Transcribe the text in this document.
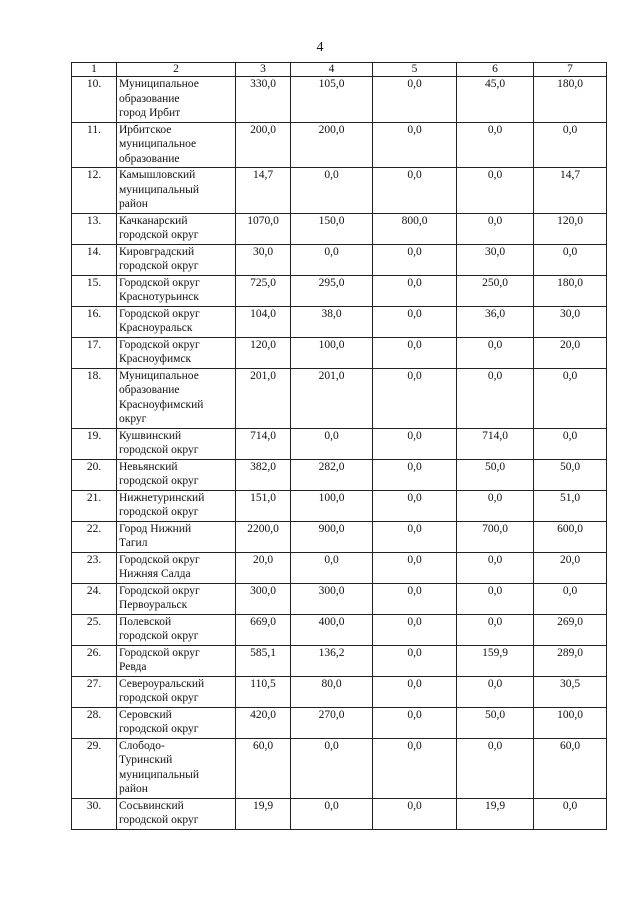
4
1	2	3	4	5	6	7
10.	Муниципальное
образование
город Ирбит	330,0	105,0	0,0	45,0	180,0
11.	Ирбитское
муниципальное
образование	200,0	200,0	0,0	0,0	0,0
12.	Камышловский
муниципальный
район	14,7	0,0	0,0	0,0	14,7
13.	Качканарский
городской округ	1070,0	150,0	800,0	0,0	120,0
14.	Кировградский
городской округ	30,0	0,0	0,0	30,0	0,0
15.	Городской округ
Краснотурьинск	725,0	295,0	0,0	250,0	180,0
16.	Городской округ
Красноуральск	104,0	38,0	0,0	36,0	30,0
17.	Городской округ
Красноуфимск	120,0	100,0	0,0	0,0	20,0
18.	Муниципальное
образование
Красноуфимский
округ	201,0	201,0	0,0	0,0	0,0
19.	Кушвинский
городской округ	714,0	0,0	0,0	714,0	0,0
20.	Невьянский
городской округ	382,0	282,0	0,0	50,0	50,0
21.	Нижнетуринский
городской округ	151,0	100,0	0,0	0,0	51,0
22.	Город Нижний
Тагил	2200,0	900,0	0,0	700,0	600,0
23.	Городской округ
Нижняя Салда	20,0	0,0	0,0	0,0	20,0
24.	Городской округ
Первоуральск	300,0	300,0	0,0	0,0	0,0
25.	Полевской
городской округ	669,0	400,0	0,0	0,0	269,0
26.	Городской округ
Ревда	585,1	136,2	0,0	159,9	289,0
27.	Североуральский
городской округ	110,5	80,0	0,0	0,0	30,5
28.	Серовский
городской округ	420,0	270,0	0,0	50,0	100,0
29.	Слободо-
Туринский
муниципальный
район	60,0	0,0	0,0	0,0	60,0
30.	Сосьвинский
городской округ	19,9	0,0	0,0	19,9	0,0
